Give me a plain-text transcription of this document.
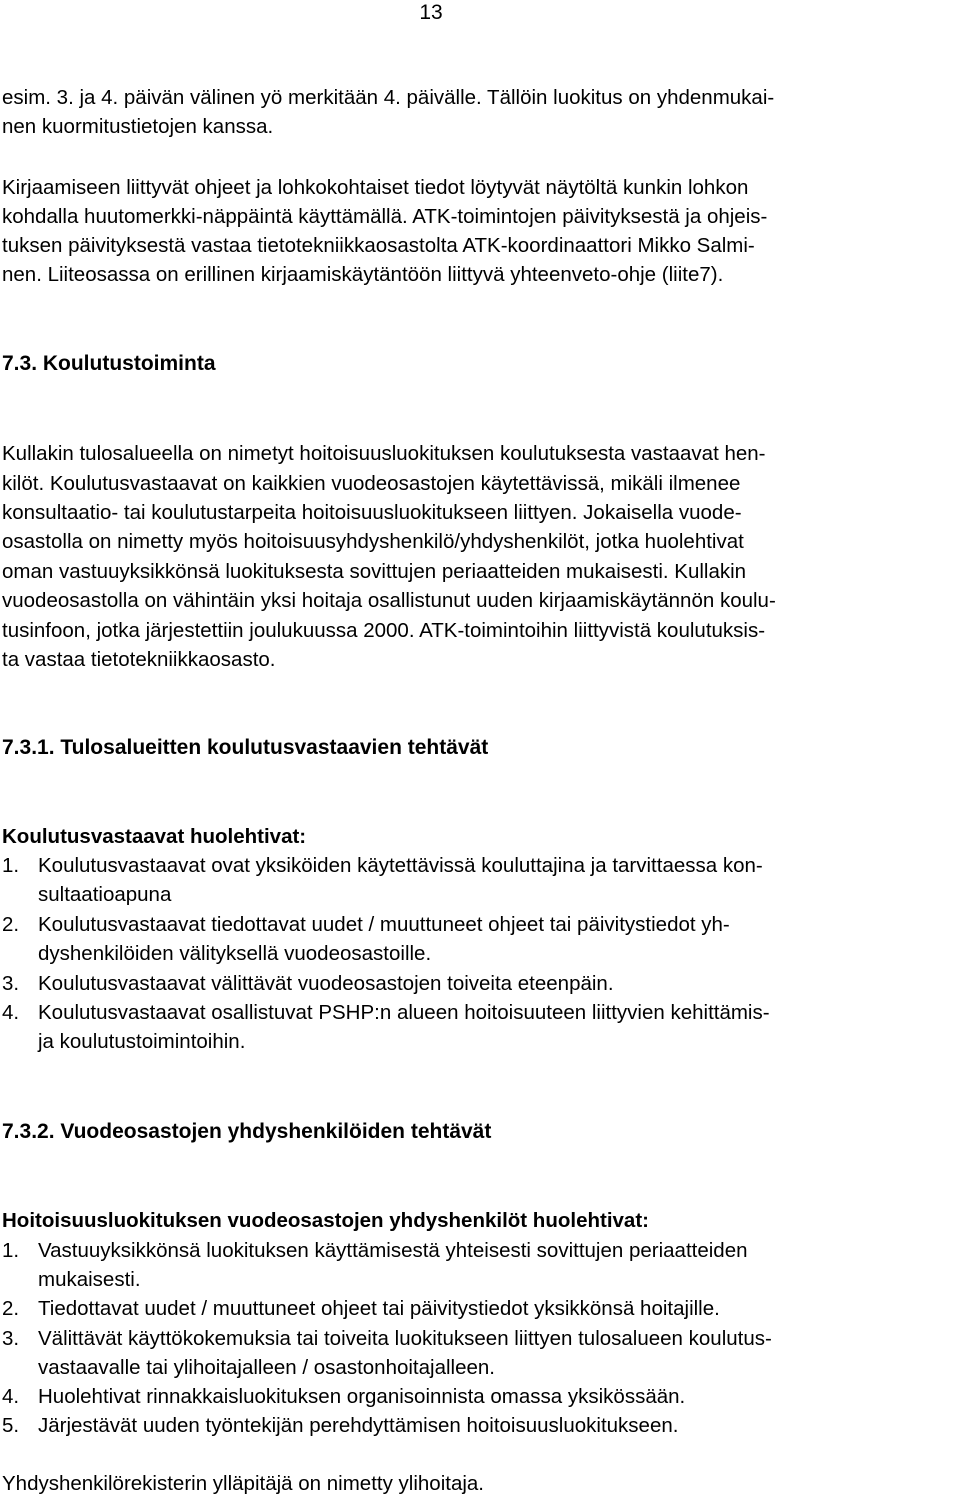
13
esim. 3. ja 4. päivän välinen yö merkitään 4. päivälle. Tällöin luokitus on yhdenmukai-
nen kuormitustietojen kanssa.
Kirjaamiseen liittyvät ohjeet ja lohkokohtaiset tiedot löytyvät näytöltä kunkin lohkon
kohdalla huutomerkki-näppäintä käyttämällä. ATK-toimintojen päivityksestä ja ohjeis-
tuksen päivityksestä vastaa tietotekniikkaosastolta ATK-koordinaattori Mikko Salmi-
nen. Liiteosassa on erillinen kirjaamiskäytäntöön liittyvä yhteenveto-ohje (liite7).
7.3. Koulutustoiminta
Kullakin tulosalueella on nimetyt hoitoisuusluokituksen koulutuksesta vastaavat hen-
kilöt. Koulutusvastaavat on kaikkien vuodeosastojen käytettävissä, mikäli ilmenee
konsultaatio- tai koulutustarpeita hoitoisuusluokitukseen liittyen. Jokaisella vuode-
osastolla on nimetty myös hoitoisuusyhdyshenkilö/yhdyshenkilöt, jotka huolehtivat
oman vastuuyksikkönsä luokituksesta sovittujen periaatteiden mukaisesti. Kullakin
vuodeosastolla on vähintäin yksi hoitaja osallistunut uuden kirjaamiskäytännön koulu-
tusinfoon, jotka järjestettiin joulukuussa 2000. ATK-toimintoihin liittyvistä koulutuksis-
ta vastaa tietotekniikkaosasto.
7.3.1. Tulosalueitten koulutusvastaavien tehtävät
Koulutusvastaavat huolehtivat:
1. Koulutusvastaavat ovat yksiköiden käytettävissä kouluttajina ja tarvittaessa kon-
sultaatioapuna
2. Koulutusvastaavat tiedottavat uudet / muuttuneet ohjeet tai päivitystiedot yh-
dyshenkilöiden välityksellä vuodeosastoille.
3. Koulutusvastaavat välittävät vuodeosastojen toiveita eteenpäin.
4. Koulutusvastaavat osallistuvat PSHP:n alueen hoitoisuuteen liittyvien kehittämis-
ja koulutustoimintoihin.
7.3.2. Vuodeosastojen yhdyshenkilöiden tehtävät
Hoitoisuusluokituksen vuodeosastojen yhdyshenkilöt huolehtivat:
1. Vastuuyksikkönsä luokituksen käyttämisestä yhteisesti sovittujen periaatteiden
mukaisesti.
2. Tiedottavat uudet / muuttuneet ohjeet tai päivitystiedot yksikkönsä hoitajille.
3. Välittävät käyttökokemuksia tai toiveita luokitukseen liittyen tulosalueen koulutus-
vastaavalle tai ylihoitajalleen / osastonhoitajalleen.
4. Huolehtivat rinnakkaisluokituksen organisoinnista omassa yksikössään.
5. Järjestävät uuden työntekijän perehdyttämisen hoitoisuusluokitukseen.
Yhdyshenkilörekisterin ylläpitäjä on nimetty ylihoitaja.
